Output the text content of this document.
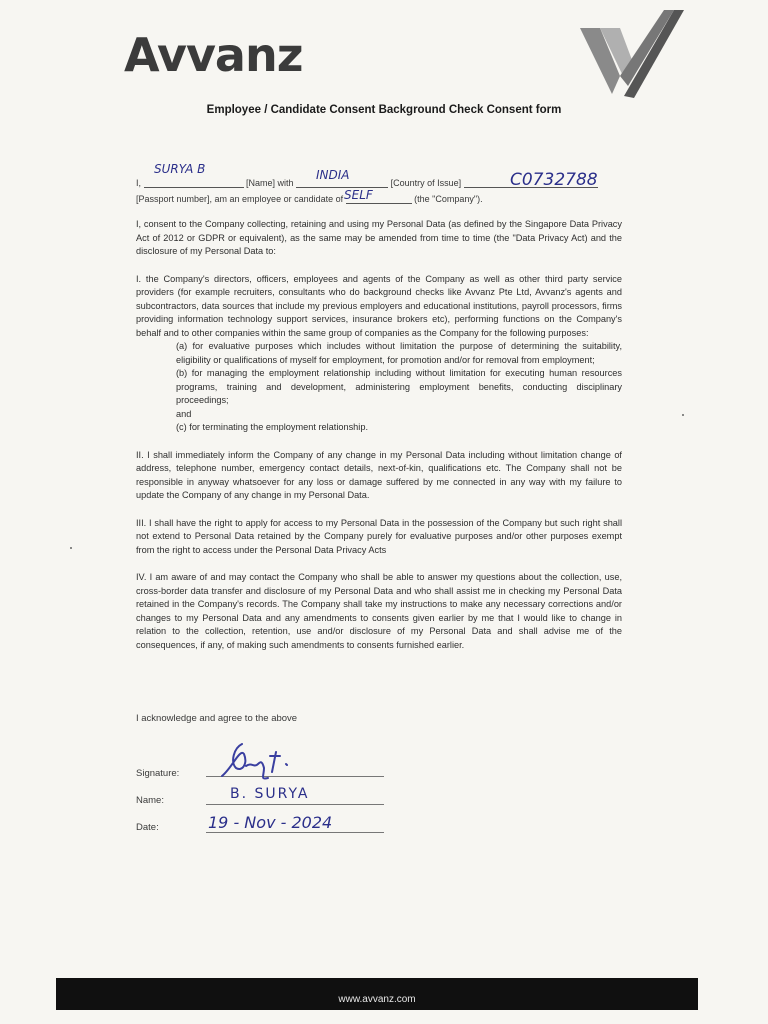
Avvanz
Employee / Candidate Consent Background Check Consent form
I,	[Name] with	[Country of Issue]
SURYA B	INDIA	C0732788
[Passport number], am an employee or candidate of	(the "Company").
SELF

I, consent to the Company collecting, retaining and using my Personal Data (as defined by the Singapore Data Privacy Act of 2012 or GDPR or equivalent), as the same may be amended from time to time (the "Data Privacy Act) and the disclosure of my Personal Data to:

I. the Company's directors, officers, employees and agents of the Company as well as other third party service providers (for example recruiters, consultants who do background checks like Avvanz Pte Ltd, Avvanz's agents and subcontractors, data sources that include my previous employers and educational institutions, payroll processors, firms providing information technology support services, insurance brokers etc), performing functions on the Company's behalf and to other companies within the same group of companies as the Company for the following purposes:

(a) for evaluative purposes which includes without limitation the purpose of determining the suitability, eligibility or qualifications of myself for employment, for promotion and/or for removal from employment;

(b) for managing the employment relationship including without limitation for executing human resources programs, training and development, administering employment benefits, conducting disciplinary proceedings;

and

(c) for terminating the employment relationship.

II. I shall immediately inform the Company of any change in my Personal Data including without limitation change of address, telephone number, emergency contact details, next-of-kin, qualifications etc. The Company shall not be responsible in anyway whatsoever for any loss or damage suffered by me connected in any way with my failure to update the Company of any change in my Personal Data.

III. I shall have the right to apply for access to my Personal Data in the possession of the Company but such right shall not extend to Personal Data retained by the Company purely for evaluative purposes and/or other purposes exempt from the right to access under the Personal Data Privacy Acts

IV. I am aware of and may contact the Company who shall be able to answer my questions about the collection, use, cross-border data transfer and disclosure of my Personal Data and who shall assist me in checking my Personal Data retained in the Company's records. The Company shall take my instructions to make any necessary corrections and/or changes to my Personal Data and any amendments to consents given earlier by me that I would like to change in relation to the collection, retention, use and/or disclosure of my Personal Data and shall advise me of the consequences, if any, of making such amendments to consents furnished earlier.

I acknowledge and agree to the above
Signature:
Name:	B. SURYA
Date:	19 - Nov - 2024
www.avvanz.com
